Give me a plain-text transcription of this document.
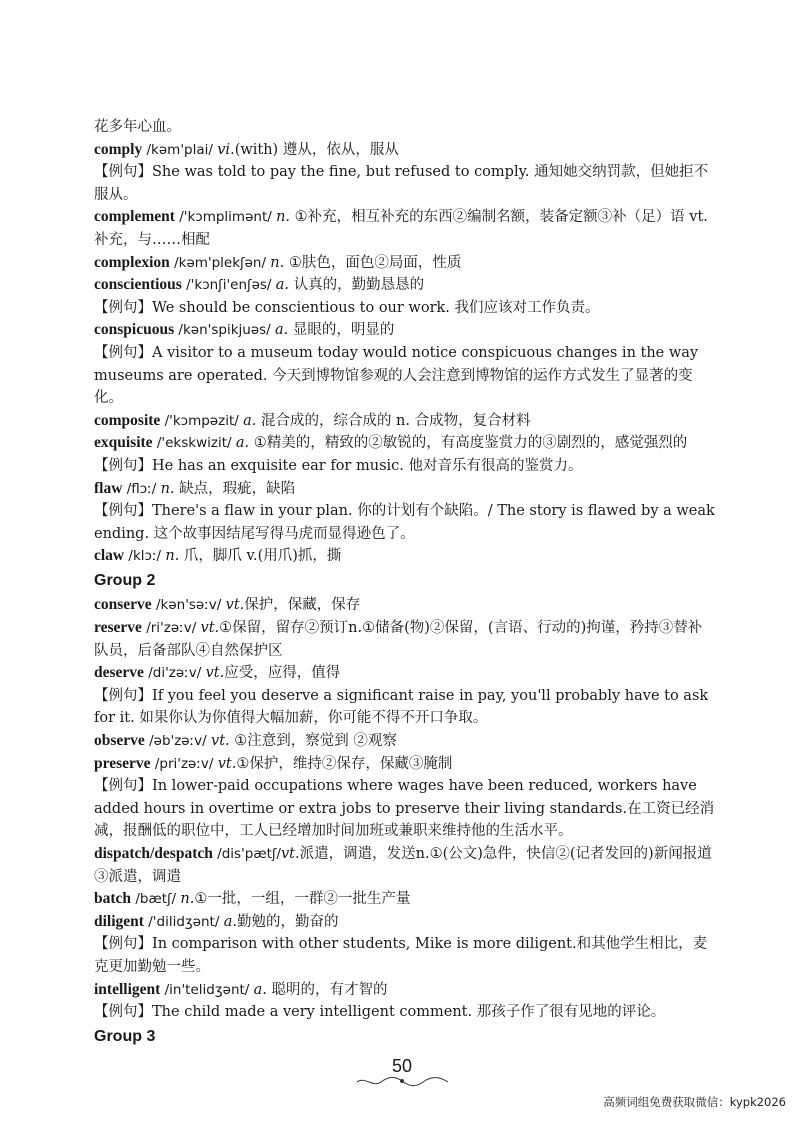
花多年心血。
comply /kəm'plai/ vi.(with) 遵从，依从，服从
【例句】She was told to pay the fine, but refused to comply. 通知她交纳罚款，但她拒不服从。
complement /'kɔmplimənt/ n. ①补充，相互补充的东西②编制名额，装备定额③补（足）语 vt. 补充，与……相配
complexion /kəm'plekʃən/ n. ①肤色，面色②局面，性质
conscientious /'kɔnʃi'enʃəs/ a. 认真的，勤勤恳恳的
【例句】We should be conscientious to our work. 我们应该对工作负责。
conspicuous /kən'spikjuəs/ a. 显眼的，明显的
【例句】A visitor to a museum today would notice conspicuous changes in the way museums are operated. 今天到博物馆参观的人会注意到博物馆的运作方式发生了显著的变化。
composite /'kɔmpəzit/ a. 混合成的，综合成的 n. 合成物，复合材料
exquisite /'ekskwizit/ a. ①精美的，精致的②敏锐的，有高度鉴赏力的③剧烈的，感觉强烈的
【例句】He has an exquisite ear for music. 他对音乐有很高的鉴赏力。
flaw /flɔː/ n. 缺点，瑕疵，缺陷
【例句】There's a flaw in your plan. 你的计划有个缺陷。/ The story is flawed by a weak ending. 这个故事因结尾写得马虎而显得逊色了。
claw /klɔː/ n. 爪，脚爪 v.(用爪)抓，撕
Group 2
conserve /kən'səːv/ vt.保护，保藏，保存
reserve /ri'zəːv/ vt.①保留，留存②预订n.①储备(物)②保留，(言语、行动的)拘谨，矜持③替补队员，后备部队④自然保护区
deserve /di'zəːv/ vt.应受，应得，值得
【例句】If you feel you deserve a significant raise in pay, you'll probably have to ask for it. 如果你认为你值得大幅加薪，你可能不得不开口争取。
observe /əb'zəːv/ vt. ①注意到，察觉到 ②观察
preserve /pri'zəːv/ vt.①保护，维持②保存，保藏③腌制
【例句】In lower-paid occupations where wages have been reduced, workers have added hours in overtime or extra jobs to preserve their living standards.在工资已经消减，报酬低的职位中，工人已经增加时间加班或兼职来维持他的生活水平。
dispatch/despatch /dis'pætʃ/vt.派遣，调遣，发送n.①(公文)急件，快信②(记者发回的)新闻报道③派遣，调遣
batch /bætʃ/ n.①一批，一组，一群②一批生产量
diligent /'dilidʒənt/ a.勤勉的，勤奋的
【例句】In comparison with other students, Mike is more diligent.和其他学生相比，麦克更加勤勉一些。
intelligent /in'telidʒənt/ a. 聪明的，有才智的
【例句】The child made a very intelligent comment. 那孩子作了很有见地的评论。
Group 3
50
高频词组免费获取微信：kypk2026
